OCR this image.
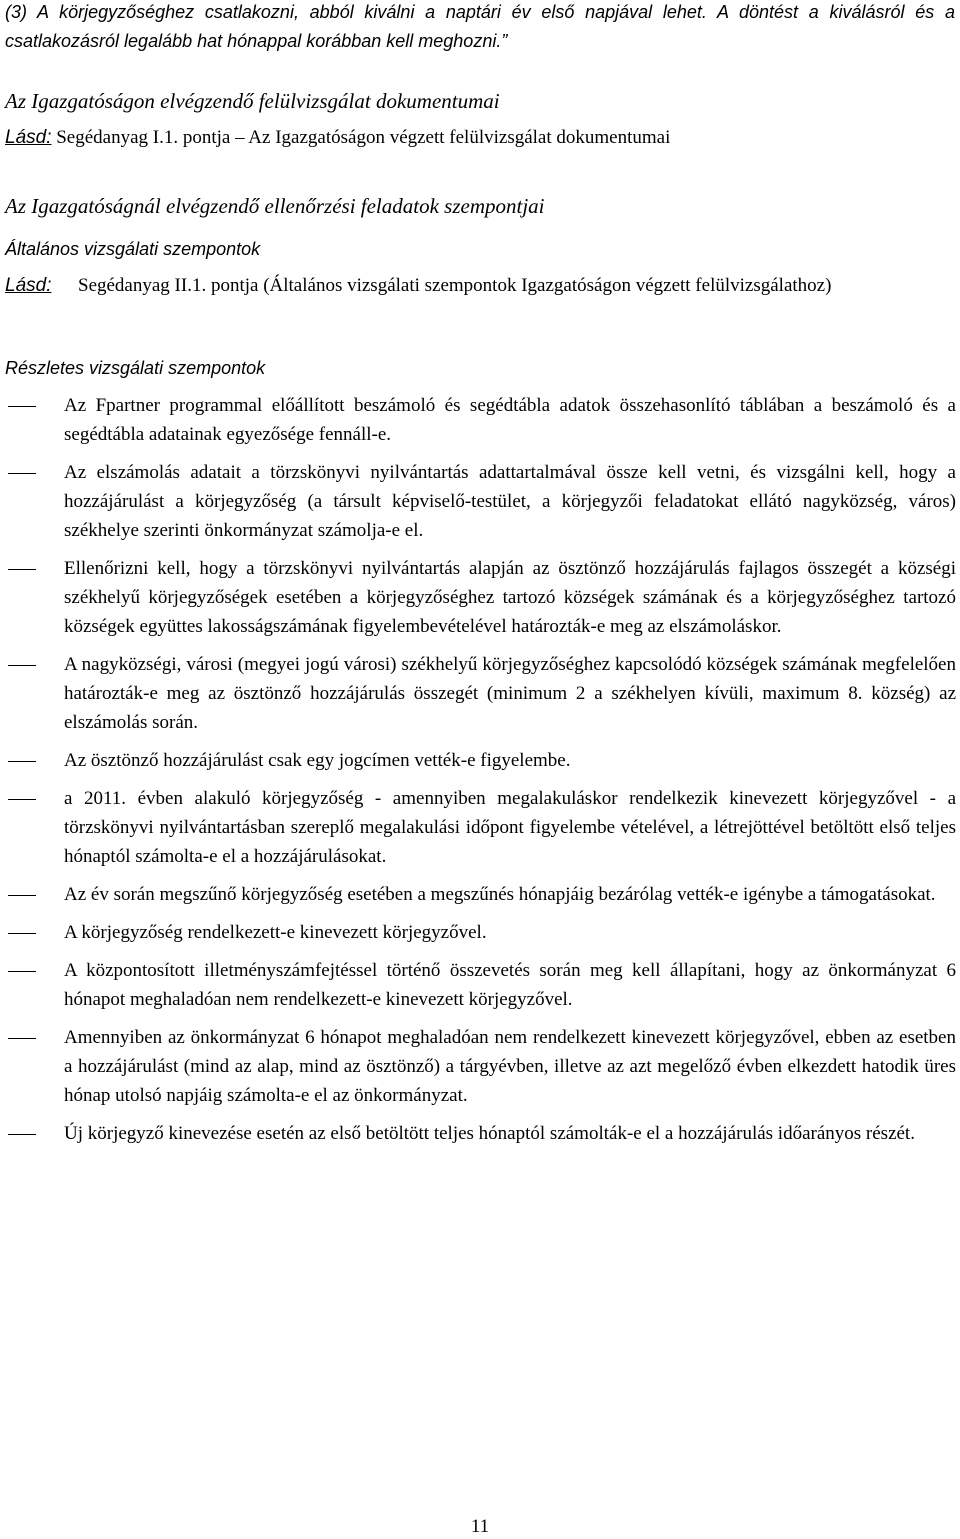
(3) A körjegyzőséghez csatlakozni, abból kiválni a naptári év első napjával lehet. A döntést a kiválásról és a csatlakozásról legalább hat hónappal korábban kell meghozni.”
Az Igazgatóságon elvégzendő felülvizsgálat dokumentumai
Lásd: Segédanyag I.1. pontja – Az Igazgatóságon végzett felülvizsgálat dokumentumai
Az Igazgatóságnál elvégzendő ellenőrzési feladatok szempontjai
Általános vizsgálati szempontok
Lásd: Segédanyag II.1. pontja (Általános vizsgálati szempontok Igazgatóságon végzett felülvizsgálathoz)
Részletes vizsgálati szempontok
Az Fpartner programmal előállított beszámoló és segédtábla adatok összehasonlító táblában a beszámoló és a segédtábla adatainak egyezősége fennáll-e.
Az elszámolás adatait a törzskönyvi nyilvántartás adattartalmával össze kell vetni, és vizsgálni kell, hogy a hozzájárulást a körjegyzőség (a társult képviselő-testület, a körjegyzői feladatokat ellátó nagyközség, város) székhelye szerinti önkormányzat számolja-e el.
Ellenőrizni kell, hogy a törzskönyvi nyilvántartás alapján az ösztönző hozzájárulás fajlagos összegét a községi székhelyű körjegyzőségek esetében a körjegyzőséghez tartozó községek számának és a körjegyzőséghez tartozó községek együttes lakosságszámának figyelembevételével határozták-e meg az elszámoláskor.
A nagyközségi, városi (megyei jogú városi) székhelyű körjegyzőséghez kapcsolódó községek számának megfelelően határozták-e meg az ösztönző hozzájárulás összegét (minimum 2 a székhelyen kívüli, maximum 8. község) az elszámolás során.
Az ösztönző hozzájárulást csak egy jogcímen vették-e figyelembe.
a 2011. évben alakuló körjegyzőség - amennyiben megalakuláskor rendelkezik kinevezett körjegyzővel - a törzskönyvi nyilvántartásban szereplő megalakulási időpont figyelembe vételével, a létrejöttével betöltött első teljes hónaptól számolta-e el a hozzájárulásokat.
Az év során megszűnő körjegyzőség esetében a megszűnés hónapjáig bezárólag vették-e igénybe a támogatásokat.
A körjegyzőség rendelkezett-e kinevezett körjegyzővel.
A központosított illetményszámfejtéssel történő összevetés során meg kell állapítani, hogy az önkormányzat 6 hónapot meghaladóan nem rendelkezett-e kinevezett körjegyzővel.
Amennyiben az önkormányzat 6 hónapot meghaladóan nem rendelkezett kinevezett körjegyzővel, ebben az esetben a hozzájárulást (mind az alap, mind az ösztönző) a tárgyévben, illetve az azt megelőző évben elkezdett hatodik üres hónap utolsó napjáig számolta-e el az önkormányzat.
Új körjegyző kinevezése esetén az első betöltött teljes hónaptól számolták-e el a hozzájárulás időarányos részét.
11
